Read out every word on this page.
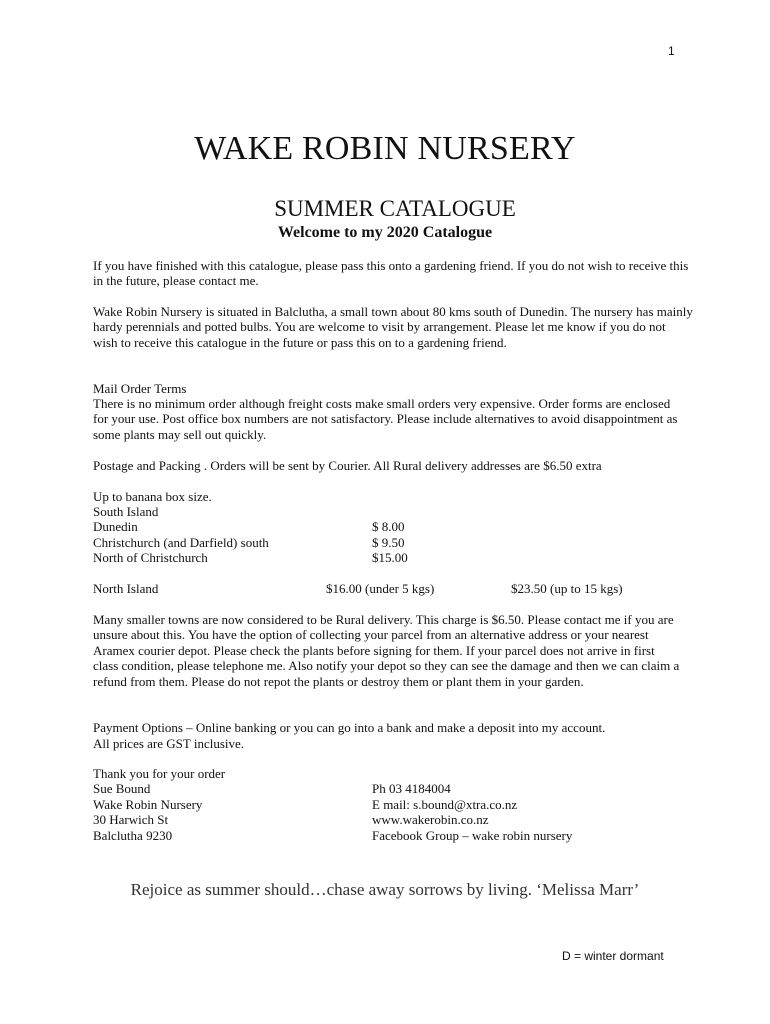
1
WAKE ROBIN NURSERY
SUMMER CATALOGUE
Welcome to my 2020 Catalogue

If you have finished with this catalogue, please pass this onto a gardening friend. If you do not wish to receive this in the future, please contact me.

Wake Robin Nursery is situated in Balclutha, a small town about 80 kms south of Dunedin. The nursery has mainly hardy perennials and potted bulbs. You are welcome to visit by arrangement. Please let me know if you do not wish to receive this catalogue in the future or pass this on to a gardening friend.

Mail Order Terms

There is no minimum order although freight costs make small orders very expensive. Order forms are enclosed for your use. Post office box numbers are not satisfactory. Please include alternatives to avoid disappointment as some plants may sell out quickly.

Postage and Packing . Orders will be sent by Courier. All Rural delivery addresses are $6.50 extra
Up to banana box size.
South Island
Dunedin	$ 8.00
Christchurch (and Darfield) south	$ 9.50
North of Christchurch	$15.00
North Island	$16.00 (under 5 kgs)	$23.50 (up to 15 kgs)

Many smaller towns are now considered to be Rural delivery. This charge is $6.50. Please contact me if you are unsure about this. You have the option of collecting your parcel from an alternative address or your nearest Aramex courier depot. Please check the plants before signing for them. If your parcel does not arrive in first class condition, please telephone me. Also notify your depot so they can see the damage and then we can claim a refund from them. Please do not repot the plants or destroy them or plant them in your garden.

Payment Options – Online banking or you can go into a bank and make a deposit into my account.
All prices are GST inclusive.
Thank you for your order
Sue Bound	Ph 03 4184004
Wake Robin Nursery	E mail: s.bound@xtra.co.nz
30 Harwich St	www.wakerobin.co.nz
Balclutha 9230	Facebook Group – wake robin nursery
Rejoice as summer should…chase away sorrows by living. ‘Melissa Marr’
D = winter dormant
